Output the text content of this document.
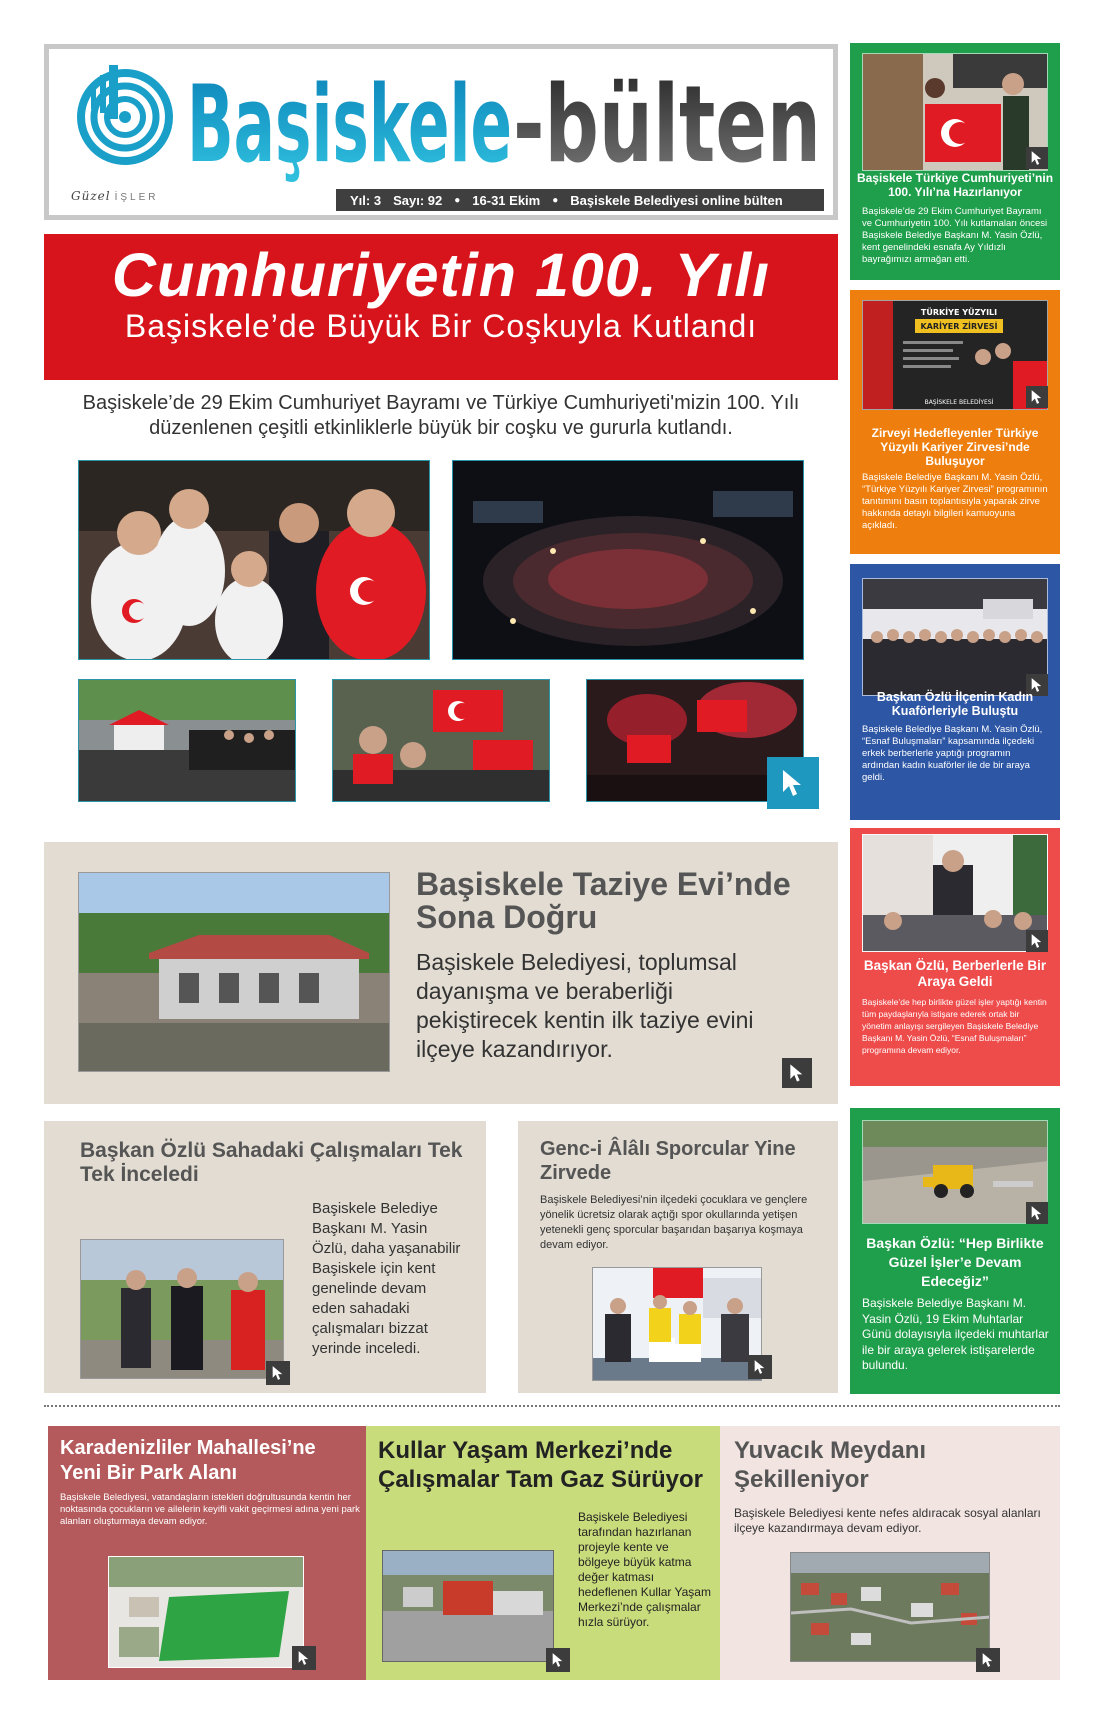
Güzel İŞLER
Başiskele -bülten
Yıl: 3 Sayı: 92 ● 16-31 Ekim ● Başiskele Belediyesi online bülten
Cumhuriyetin 100. Yılı
Başiskele’de Büyük Bir Coşkuyla Kutlandı

Başiskele’de 29 Ekim Cumhuriyet Bayramı ve Türkiye Cumhuriyeti'mizin 100. Yılı düzenlenen çeşitli etkinliklerle büyük bir coşku ve gururla kutlandı.

Başiskele Türkiye Cumhuriyeti’nin 100. Yılı’na Hazırlanıyor

Başiskele’de 29 Ekim Cumhuriyet Bayramı ve Cumhuriyetin 100. Yılı kutlamaları öncesi Başiskele Belediye Başkanı M. Yasin Özlü, kent genelindeki esnafa Ay Yıldızlı bayrağımızı armağan etti.

TÜRKİYE YÜZYILI
KARİYER ZİRVESİ
BAŞİSKELE BELEDİYESİ
Zirveyi Hedefleyenler Türkiye Yüzyılı Kariyer Zirvesi’nde Buluşuyor

Başiskele Belediye Başkanı M. Yasin Özlü, “Türkiye Yüzyılı Kariyer Zirvesi” programının tanıtımını basın toplantısıyla yaparak zirve hakkında detaylı bilgileri kamuoyuna açıkladı.

Başkan Özlü İlçenin Kadın Kuaförleriyle Buluştu

Başiskele Belediye Başkanı M. Yasin Özlü, “Esnaf Buluşmaları” kapsamında ilçedeki erkek berberlerle yaptığı programın ardından kadın kuaförler ile de bir araya geldi.

Başkan Özlü, Berberlerle Bir Araya Geldi

Başiskele’de hep birlikte güzel işler yaptığı kentin tüm paydaşlarıyla istişare ederek ortak bir yönetim anlayışı sergileyen Başiskele Belediye Başkanı M. Yasin Özlü, “Esnaf Buluşmaları” programına devam ediyor.

Başkan Özlü: “Hep Birlikte Güzel İşler’e Devam Edeceğiz”

Başiskele Belediye Başkanı M. Yasin Özlü, 19 Ekim Muhtarlar Günü dolayısıyla ilçedeki muhtarlar ile bir araya gelerek istişarelerde bulundu.

Başiskele Taziye Evi’nde Sona Doğru

Başiskele Belediyesi, toplumsal dayanışma ve beraberliği pekiştirecek kentin ilk taziye evini ilçeye kazandırıyor.

Başkan Özlü Sahadaki Çalışmaları Tek Tek İnceledi

Başiskele Belediye Başkanı M. Yasin Özlü, daha yaşanabilir Başiskele için kent genelinde devam eden sahadaki çalışmaları bizzat yerinde inceledi.

Genc-i Âlâlı Sporcular Yine Zirvede

Başiskele Belediyesi’nin ilçedeki çocuklara ve gençlere yönelik ücretsiz olarak açtığı spor okullarında yetişen yetenekli genç sporcular başarıdan başarıya koşmaya devam ediyor.

Karadenizliler Mahallesi’ne Yeni Bir Park Alanı

Başiskele Belediyesi, vatandaşların istekleri doğrultusunda kentin her noktasında çocukların ve ailelerin keyifli vakit geçirmesi adına yeni park alanları oluşturmaya devam ediyor.

Kullar Yaşam Merkezi’nde Çalışmalar Tam Gaz Sürüyor

Başiskele Belediyesi tarafından hazırlanan projeyle kente ve bölgeye büyük katma değer katması hedeflenen Kullar Yaşam Merkezi’nde çalışmalar hızla sürüyor.

Yuvacık Meydanı Şekilleniyor

Başiskele Belediyesi kente nefes aldıracak sosyal alanları ilçeye kazandırmaya devam ediyor.
